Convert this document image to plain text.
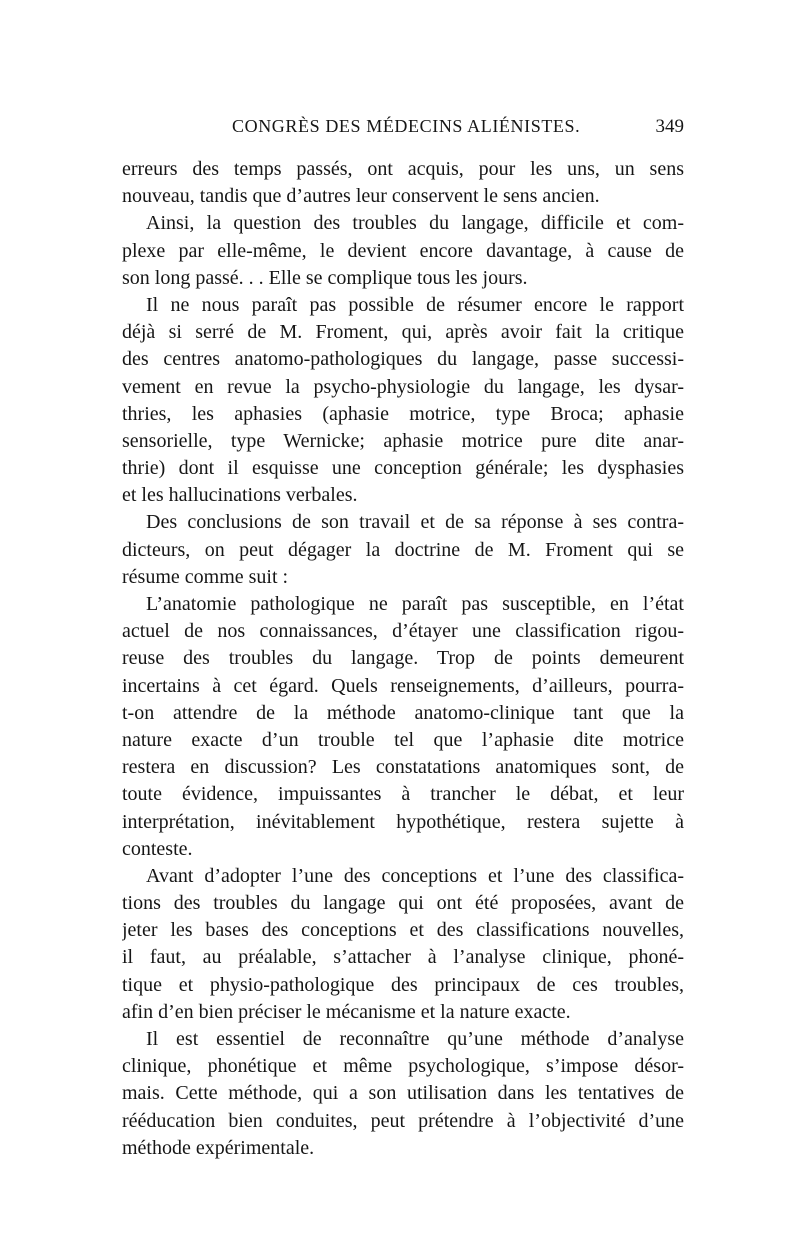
CONGRÈS DES MÉDECINS ALIÉNISTES.	349
erreurs des temps passés, ont acquis, pour les uns, un sens
nouveau, tandis que d’autres leur conservent le sens ancien.
Ainsi, la question des troubles du langage, difficile et com-
plexe par elle-même, le devient encore davantage, à cause de
son long passé. . . Elle se complique tous les jours.
Il ne nous paraît pas possible de résumer encore le rapport
déjà si serré de M. Froment, qui, après avoir fait la critique
des centres anatomo-pathologiques du langage, passe successi-
vement en revue la psycho-physiologie du langage, les dysar-
thries, les aphasies (aphasie motrice, type Broca; aphasie
sensorielle, type Wernicke; aphasie motrice pure dite anar-
thrie) dont il esquisse une conception générale; les dysphasies
et les hallucinations verbales.
Des conclusions de son travail et de sa réponse à ses contra-
dicteurs, on peut dégager la doctrine de M. Froment qui se
résume comme suit :
L’anatomie pathologique ne paraît pas susceptible, en l’état
actuel de nos connaissances, d’étayer une classification rigou-
reuse des troubles du langage. Trop de points demeurent
incertains à cet égard. Quels renseignements, d’ailleurs, pourra-
t-on attendre de la méthode anatomo-clinique tant que la
nature exacte d’un trouble tel que l’aphasie dite motrice
restera en discussion? Les constatations anatomiques sont, de
toute évidence, impuissantes à trancher le débat, et leur
interprétation, inévitablement hypothétique, restera sujette à
conteste.
Avant d’adopter l’une des conceptions et l’une des classifica-
tions des troubles du langage qui ont été proposées, avant de
jeter les bases des conceptions et des classifications nouvelles,
il faut, au préalable, s’attacher à l’analyse clinique, phoné-
tique et physio-pathologique des principaux de ces troubles,
afin d’en bien préciser le mécanisme et la nature exacte.
Il est essentiel de reconnaître qu’une méthode d’analyse
clinique, phonétique et même psychologique, s’impose désor-
mais. Cette méthode, qui a son utilisation dans les tentatives de
rééducation bien conduites, peut prétendre à l’objectivité d’une
méthode expérimentale.
